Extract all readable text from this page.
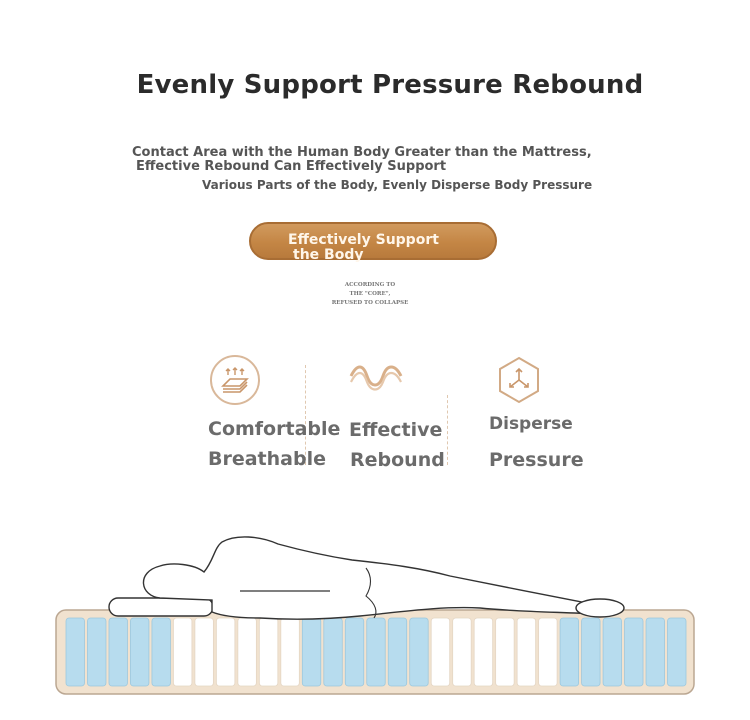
Evenly Support Pressure Rebound
Contact Area with the Human Body Greater than the Mattress,
Effective Rebound Can Effectively Support
Various Parts of the Body, Evenly Disperse Body Pressure
Effectively Support
the Body
ACCORDING TO
THE "CORE",
REFUSED TO COLLAPSE
Comfortable
Breathable
Effective
Rebound
Disperse
Pressure
